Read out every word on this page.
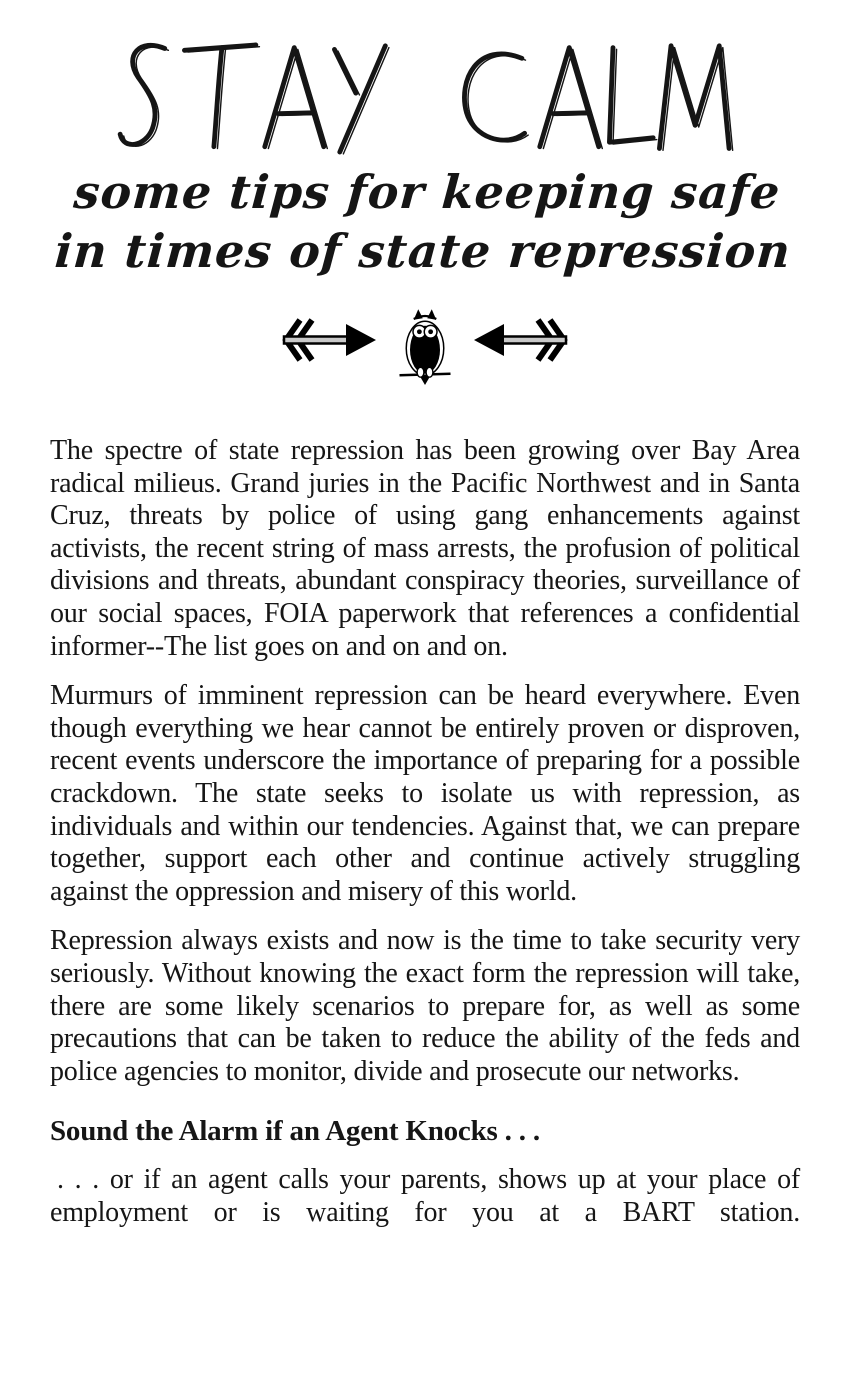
some tips for keeping safe
in times of state repression

The spectre of state repression has been growing over Bay Area radical milieus. Grand juries in the Pacific Northwest and in Santa Cruz, threats by police of using gang enhancements against activists, the recent string of mass arrests, the profusion of political divisions and threats, abundant conspiracy theories, surveillance of our social spaces, FOIA paperwork that references a confidential informer--The list goes on and on and on.

Murmurs of imminent repression can be heard everywhere. Even though everything we hear cannot be entirely proven or disproven, recent events underscore the importance of preparing for a possible crackdown. The state seeks to isolate us with repression, as individuals and within our tendencies. Against that, we can prepare together, support each other and continue actively struggling against the oppression and misery of this world.

Repression always exists and now is the time to take security very seriously. Without knowing the exact form the repression will take, there are some likely scenarios to prepare for, as well as some precautions that can be taken to reduce the ability of the feds and police agencies to monitor, divide and prosecute our networks.

Sound the Alarm if an Agent Knocks . . .

. . . or if an agent calls your parents, shows up at your place of employment or is waiting for you at a BART station.
